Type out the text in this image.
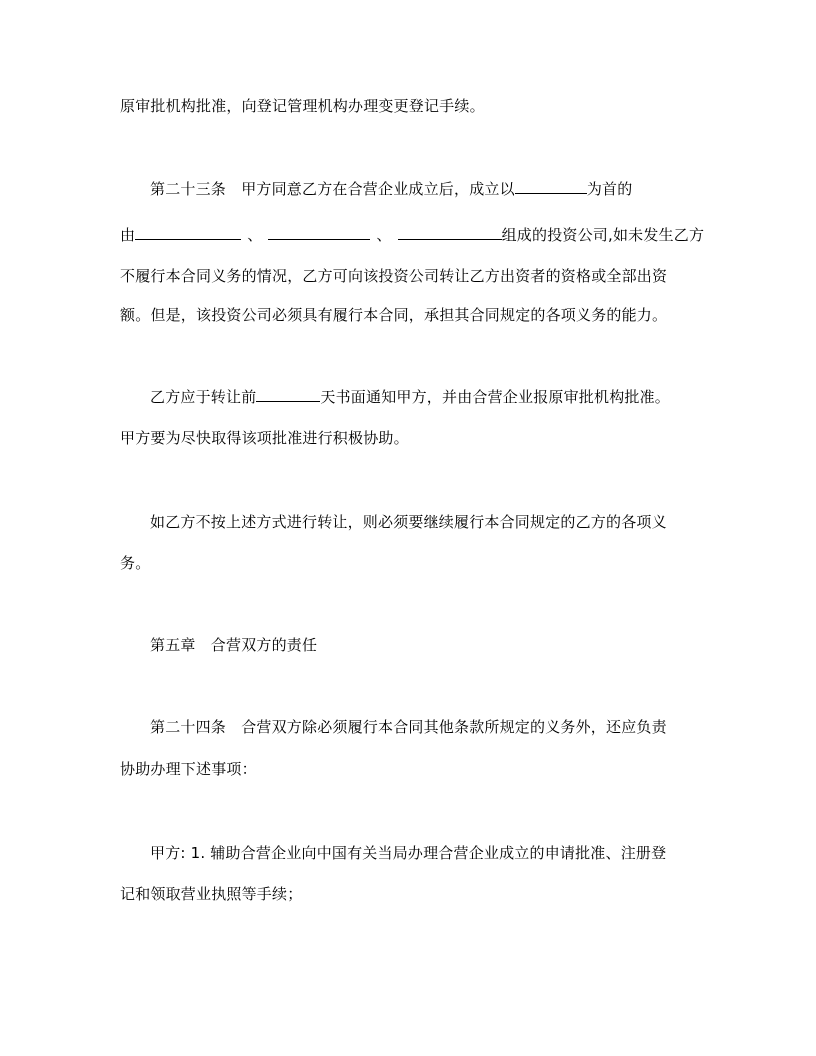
原审批机构批准，向登记管理机构办理变更登记手续。
第二十三条　甲方同意乙方在合营企业成立后，成立以	为首的
由	、	、	组成的投资公司,如未发生乙方
不履行本合同义务的情况，乙方可向该投资公司转让乙方出资者的资格或全部出资
额。但是，该投资公司必须具有履行本合同，承担其合同规定的各项义务的能力。
乙方应于转让前	天书面通知甲方，并由合营企业报原审批机构批准。
甲方要为尽快取得该项批准进行积极协助。
如乙方不按上述方式进行转让，则必须要继续履行本合同规定的乙方的各项义
务。
第五章　合营双方的责任
第二十四条　合营双方除必须履行本合同其他条款所规定的义务外，还应负责
协助办理下述事项：
甲方: 1. 辅助合营企业向中国有关当局办理合营企业成立的申请批准、注册登
记和领取营业执照等手续；
